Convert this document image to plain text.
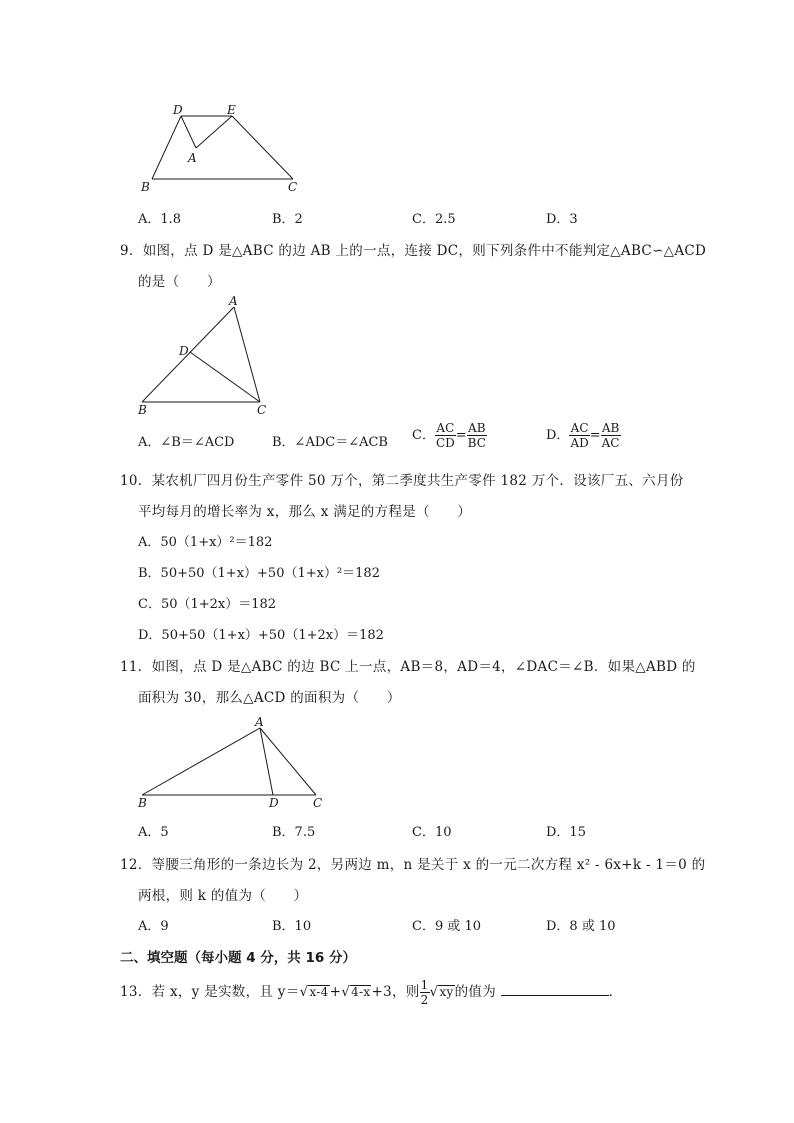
D	E
A
B	C
A．1.8	B．2	C．2.5	D．3
9．如图，点 D 是△ABC 的边 AB 上的一点，连接 DC，则下列条件中不能判定△ABC∽△ACD
的是（　　）
A
D
B	C
A．∠B＝∠ACD	B．∠ADC＝∠ACB C． $\frac{AC}{CD} = \frac{AB}{BC}$	D． $\frac{AC}{AD} = \frac{AB}{AC}$
10．某农机厂四月份生产零件 50 万个，第二季度共生产零件 182 万个．设该厂五、六月份
平均每月的增长率为 x，那么 x 满足的方程是（　　）
A．50（1+x）²＝182
B．50+50（1+x）+50（1+x）²＝182
C．50（1+2x）＝182
D．50+50（1+x）+50（1+2x）＝182
11．如图，点 D 是△ABC 的边 BC 上一点，AB＝8，AD＝4，∠DAC＝∠B．如果△ABD 的
面积为 30，那么△ACD 的面积为（　　）
A
B	D	C
A．5	B．7.5	C．10	D．15
12．等腰三角形的一条边长为 2，另两边 m，n 是关于 x 的一元二次方程 x² - 6x+k - 1＝0 的
两根，则 k 的值为（　　）
A．9	B．10	C．9 或 10	D．8 或 10
二、填空题（每小题 4 分，共 16 分）
13．若 x，y 是实数，且 y＝√x-4+√4-x+3，则 $\frac{1}{2} √xy$的值为	．
